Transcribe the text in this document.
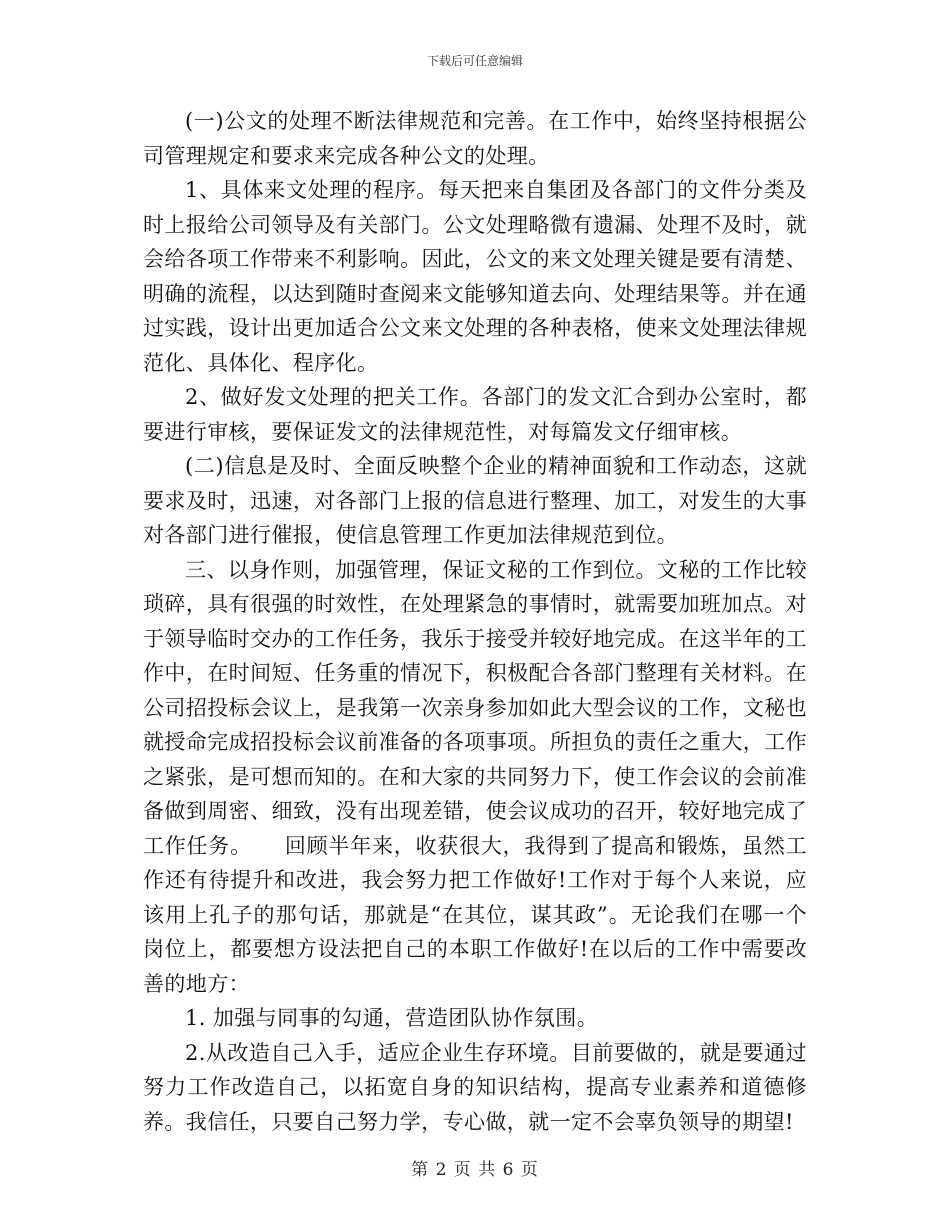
下载后可任意编辑

(一)公文的处理不断法律规范和完善。在工作中，始终坚持根据公司管理规定和要求来完成各种公文的处理。

1、具体来文处理的程序。每天把来自集团及各部门的文件分类及时上报给公司领导及有关部门。公文处理略微有遗漏、处理不及时，就会给各项工作带来不利影响。因此，公文的来文处理关键是要有清楚、明确的流程，以达到随时查阅来文能够知道去向、处理结果等。并在通过实践，设计出更加适合公文来文处理的各种表格，使来文处理法律规范化、具体化、程序化。

2、做好发文处理的把关工作。各部门的发文汇合到办公室时，都要进行审核，要保证发文的法律规范性，对每篇发文仔细审核。

(二)信息是及时、全面反映整个企业的精神面貌和工作动态，这就要求及时，迅速，对各部门上报的信息进行整理、加工，对发生的大事对各部门进行催报，使信息管理工作更加法律规范到位。

三、以身作则，加强管理，保证文秘的工作到位。文秘的工作比较琐碎，具有很强的时效性，在处理紧急的事情时，就需要加班加点。对于领导临时交办的工作任务，我乐于接受并较好地完成。在这半年的工作中，在时间短、任务重的情况下，积极配合各部门整理有关材料。在公司招投标会议上，是我第一次亲身参加如此大型会议的工作，文秘也就授命完成招投标会议前准备的各项事项。所担负的责任之重大，工作之紧张，是可想而知的。在和大家的共同努力下，使工作会议的会前准备做到周密、细致，没有出现差错，使会议成功的召开，较好地完成了工作任务。　　回顾半年来，收获很大，我得到了提高和锻炼，虽然工作还有待提升和改进，我会努力把工作做好!工作对于每个人来说，应该用上孔子的那句话，那就是“在其位，谋其政”。无论我们在哪一个岗位上，都要想方设法把自己的本职工作做好!在以后的工作中需要改善的地方：

1. 加强与同事的勾通，营造团队协作氛围。

2.从改造自己入手，适应企业生存环境。目前要做的，就是要通过努力工作改造自己，以拓宽自身的知识结构，提高专业素养和道德修养。我信任，只要自己努力学，专心做，就一定不会辜负领导的期望!

第 2 页 共 6 页
